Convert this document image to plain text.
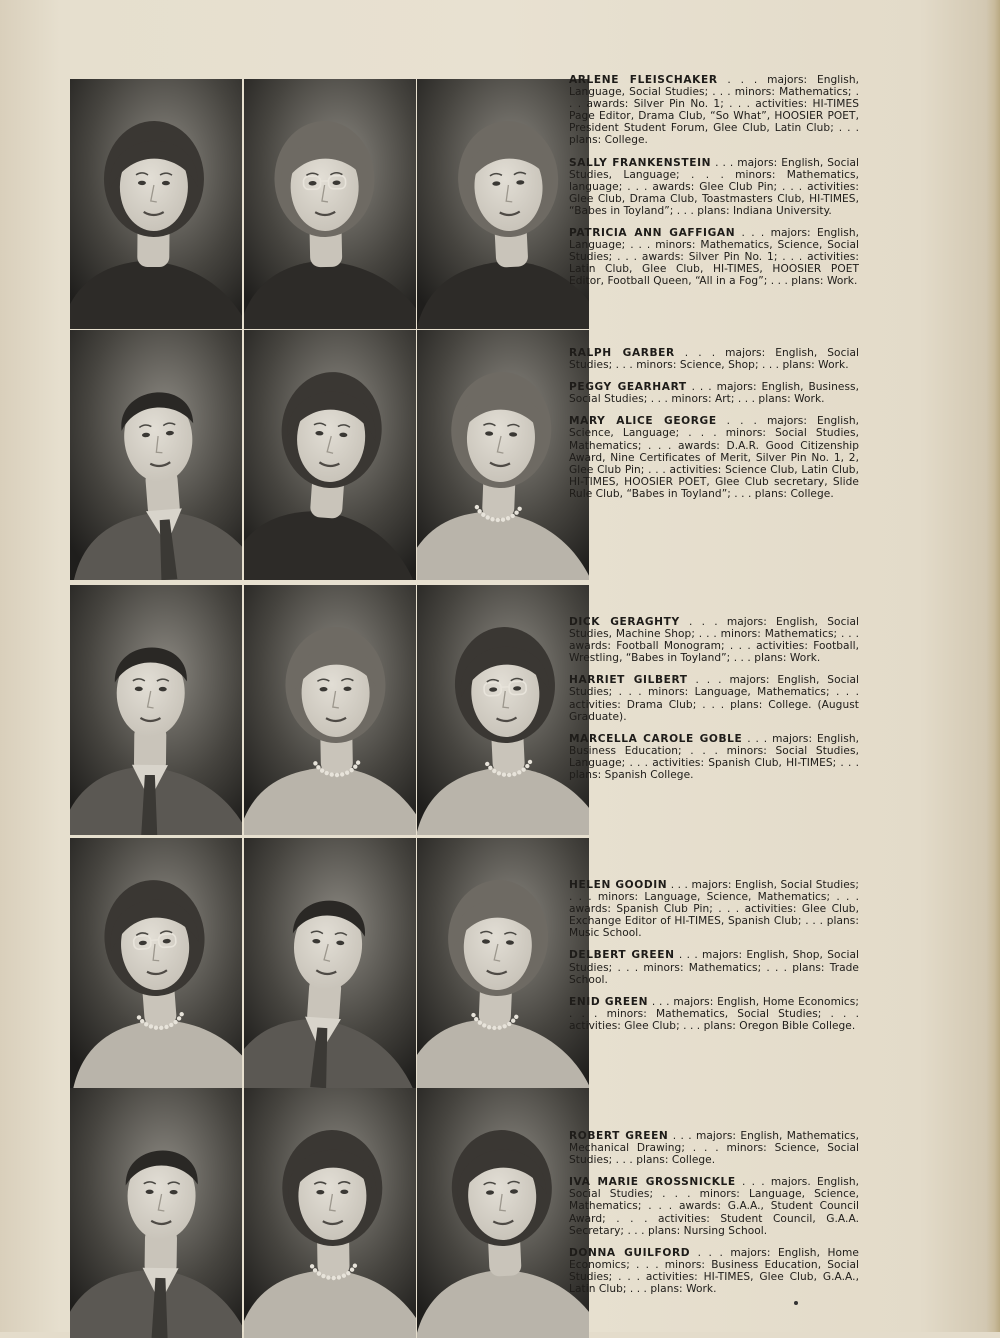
ARLENE FLEISCHAKER . . . majors: English, Language, Social Studies; . . . minors: Mathematics; . . . awards: Silver Pin No. 1; . . . activities: HI-TIMES Page Editor, Drama Club, “So What”, HOOSIER POET, President Student Forum, Glee Club, Latin Club; . . . plans: College.

SALLY FRANKENSTEIN . . . majors: English, Social Studies, Language; . . . minors: Mathematics, language; . . . awards: Glee Club Pin; . . . activities: Glee Club, Drama Club, Toastmasters Club, HI-TIMES, “Babes in Toyland”; . . . plans: Indiana University.

PATRICIA ANN GAFFIGAN . . . majors: English, Language; . . . minors: Mathematics, Science, Social Studies; . . . awards: Silver Pin No. 1; . . . activities: Latin Club, Glee Club, HI-TIMES, HOOSIER POET Editor, Football Queen, “All in a Fog”; . . . plans: Work.

RALPH GARBER . . . majors: English, Social Studies; . . . minors: Science, Shop; . . . plans: Work.

PEGGY GEARHART . . . majors: English, Business, Social Studies; . . . minors: Art; . . . plans: Work.

MARY ALICE GEORGE . . . majors: English, Science, Language; . . . minors: Social Studies, Mathematics; . . . awards: D.A.R. Good Citizenship Award, Nine Certificates of Merit, Silver Pin No. 1, 2, Glee Club Pin; . . . activities: Science Club, Latin Club, HI-TIMES, HOOSIER POET, Glee Club secretary, Slide Rule Club, “Babes in Toyland”; . . . plans: College.

DICK GERAGHTY . . . majors: English, Social Studies, Machine Shop; . . . minors: Mathematics; . . . awards: Football Monogram; . . . activities: Football, Wrestling, “Babes in Toyland”; . . . plans: Work.

HARRIET GILBERT . . . majors: English, Social Studies; . . . minors: Language, Mathematics; . . . activities: Drama Club; . . . plans: College. (August Graduate).

MARCELLA CAROLE GOBLE . . . majors: English, Business Education; . . . minors: Social Studies, Language; . . . activities: Spanish Club, HI-TIMES; . . . plans: Spanish College.

HELEN GOODIN . . . majors: English, Social Studies; . . . minors: Language, Science, Mathematics; . . . awards: Spanish Club Pin; . . . activities: Glee Club, Exchange Editor of HI-TIMES, Spanish Club; . . . plans: Music School.

DELBERT GREEN . . . majors: English, Shop, Social Studies; . . . minors: Mathematics; . . . plans: Trade School.

ENID GREEN . . . majors: English, Home Economics; . . . minors: Mathematics, Social Studies; . . . activities: Glee Club; . . . plans: Oregon Bible College.

ROBERT GREEN . . . majors: English, Mathematics, Mechanical Drawing; . . . minors: Science, Social Studies; . . . plans: College.

IVA MARIE GROSSNICKLE . . . majors. English, Social Studies; . . . minors: Language, Science, Mathematics; . . . awards: G.A.A., Student Council Award; . . . activities: Student Council, G.A.A. Secretary; . . . plans: Nursing School.

DONNA GUILFORD . . . majors: English, Home Economics; . . . minors: Business Education, Social Studies; . . . activities: HI-TIMES, Glee Club, G.A.A., Latin Club; . . . plans: Work.
